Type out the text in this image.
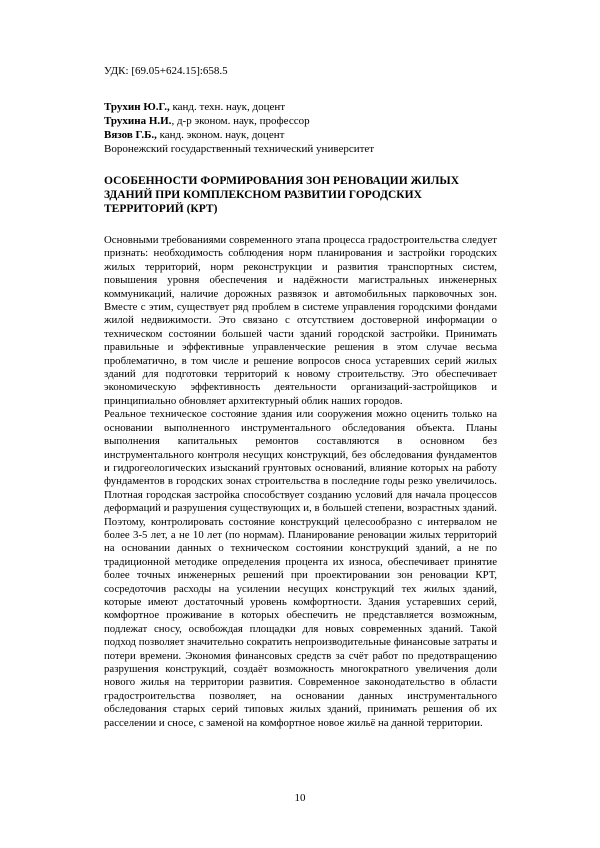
УДК: [69.05+624.15]:658.5

Трухин Ю.Г., канд. техн. наук, доцент

Трухина Н.И., д-р эконом. наук, профессор

Вязов Г.Б., канд. эконом. наук, доцент

Воронежский государственный технический университет

ОСОБЕННОСТИ ФОРМИРОВАНИЯ ЗОН РЕНОВАЦИИ ЖИЛЫХ ЗДАНИЙ ПРИ КОМПЛЕКСНОМ РАЗВИТИИ ГОРОДСКИХ ТЕРРИТОРИЙ (КРТ)

Основными требованиями современного этапа процесса градостроительства следует признать: необходимость соблюдения норм планирования и застройки городских жилых территорий, норм реконструкции и развития транспортных систем, повышения уровня обеспечения и надёжности магистральных инженерных коммуникаций, наличие дорожных развязок и автомобильных парковочных зон. Вместе с этим, существует ряд проблем в системе управления городскими фондами жилой недвижимости. Это связано с отсутствием достоверной информации о техническом состоянии большей части зданий городской застройки. Принимать правильные и эффективные управленческие решения в этом случае весьма проблематично, в том числе и решение вопросов сноса устаревших серий жилых зданий для подготовки территорий к новому строительству. Это обеспечивает экономическую эффективность деятельности организаций-застройщиков и принципиально обновляет архитектурный облик наших городов.

Реальное техническое состояние здания или сооружения можно оценить только на основании выполненного инструментального обследования объекта. Планы выполнения капитальных ремонтов составляются в основном без инструментального контроля несущих конструкций, без обследования фундаментов и гидрогеологических изысканий грунтовых оснований, влияние которых на работу фундаментов в городских зонах строительства в последние годы резко увеличилось. Плотная городская застройка способствует созданию условий для начала процессов деформаций и разрушения существующих и, в большей степени, возрастных зданий. Поэтому, контролировать состояние конструкций целесообразно с интервалом не более 3-5 лет, а не 10 лет (по нормам). Планирование реновации жилых территорий на основании данных о техническом состоянии конструкций зданий, а не по традиционной методике определения процента их износа, обеспечивает принятие более точных инженерных решений при проектировании зон реновации КРТ, сосредоточив расходы на усилении несущих конструкций тех жилых зданий, которые имеют достаточный уровень комфортности. Здания устаревших серий, комфортное проживание в которых обеспечить не представляется возможным, подлежат сносу, освобождая площадки для новых современных зданий. Такой подход позволяет значительно сократить непроизводительные финансовые затраты и потери времени. Экономия финансовых средств за счёт работ по предотвращению разрушения конструкций, создаёт возможность многократного увеличения доли нового жилья на территории развития. Современное законодательство в области градостроительства позволяет, на основании данных инструментального обследования старых серий типовых жилых зданий, принимать решения об их расселении и сносе, с заменой на комфортное новое жильё на данной территории.

10
